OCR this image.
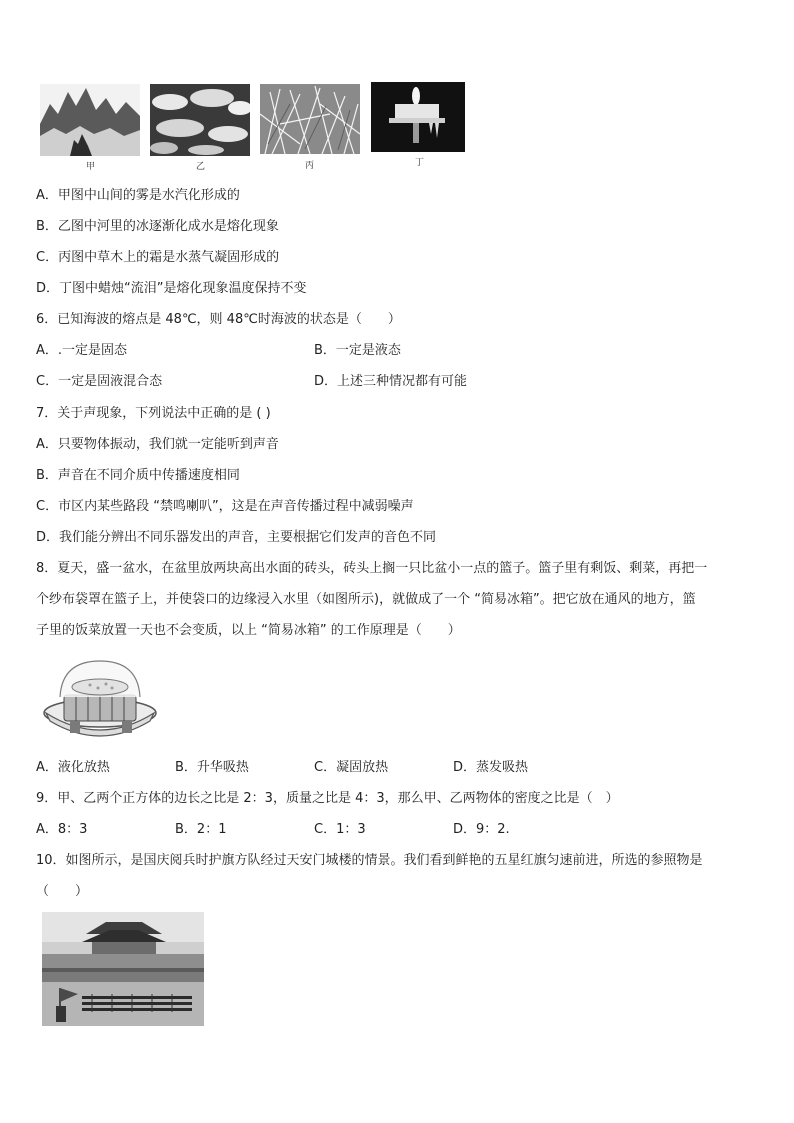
甲	乙	丙	丁
A．甲图中山间的雾是水汽化形成的
B．乙图中河里的冰逐渐化成水是熔化现象
C．丙图中草木上的霜是水蒸气凝固形成的
D．丁图中蜡烛“流泪”是熔化现象温度保持不变
6．已知海波的熔点是 48℃，则 48℃时海波的状态是（　　）
A．.一定是固态	B．一定是液态
C．一定是固液混合态	D．上述三种情况都有可能
7．关于声现象，下列说法中正确的是 ( )
A．只要物体振动，我们就一定能听到声音
B．声音在不同介质中传播速度相同
C．市区内某些路段 “禁鸣喇叭”，这是在声音传播过程中减弱噪声
D．我们能分辨出不同乐器发出的声音，主要根据它们发声的音色不同
8．夏天，盛一盆水，在盆里放两块高出水面的砖头，砖头上搁一只比盆小一点的篮子。篮子里有剩饭、剩菜，再把一
个纱布袋罩在篮子上，并使袋口的边缘浸入水里（如图所示)，就做成了一个 “简易冰箱”。把它放在通风的地方，篮
子里的饭菜放置一天也不会变质，以上 “简易冰箱” 的工作原理是（　　）
A．液化放热	B．升华吸热	C．凝固放热	D．蒸发吸热
9．甲、乙两个正方体的边长之比是 2：3，质量之比是 4：3，那么甲、乙两物体的密度之比是（　）
A．8：3	B．2：1	C．1：3	D．9：2.
10．如图所示，是国庆阅兵时护旗方队经过天安门城楼的情景。我们看到鲜艳的五星红旗匀速前进，所选的参照物是
（　　）
